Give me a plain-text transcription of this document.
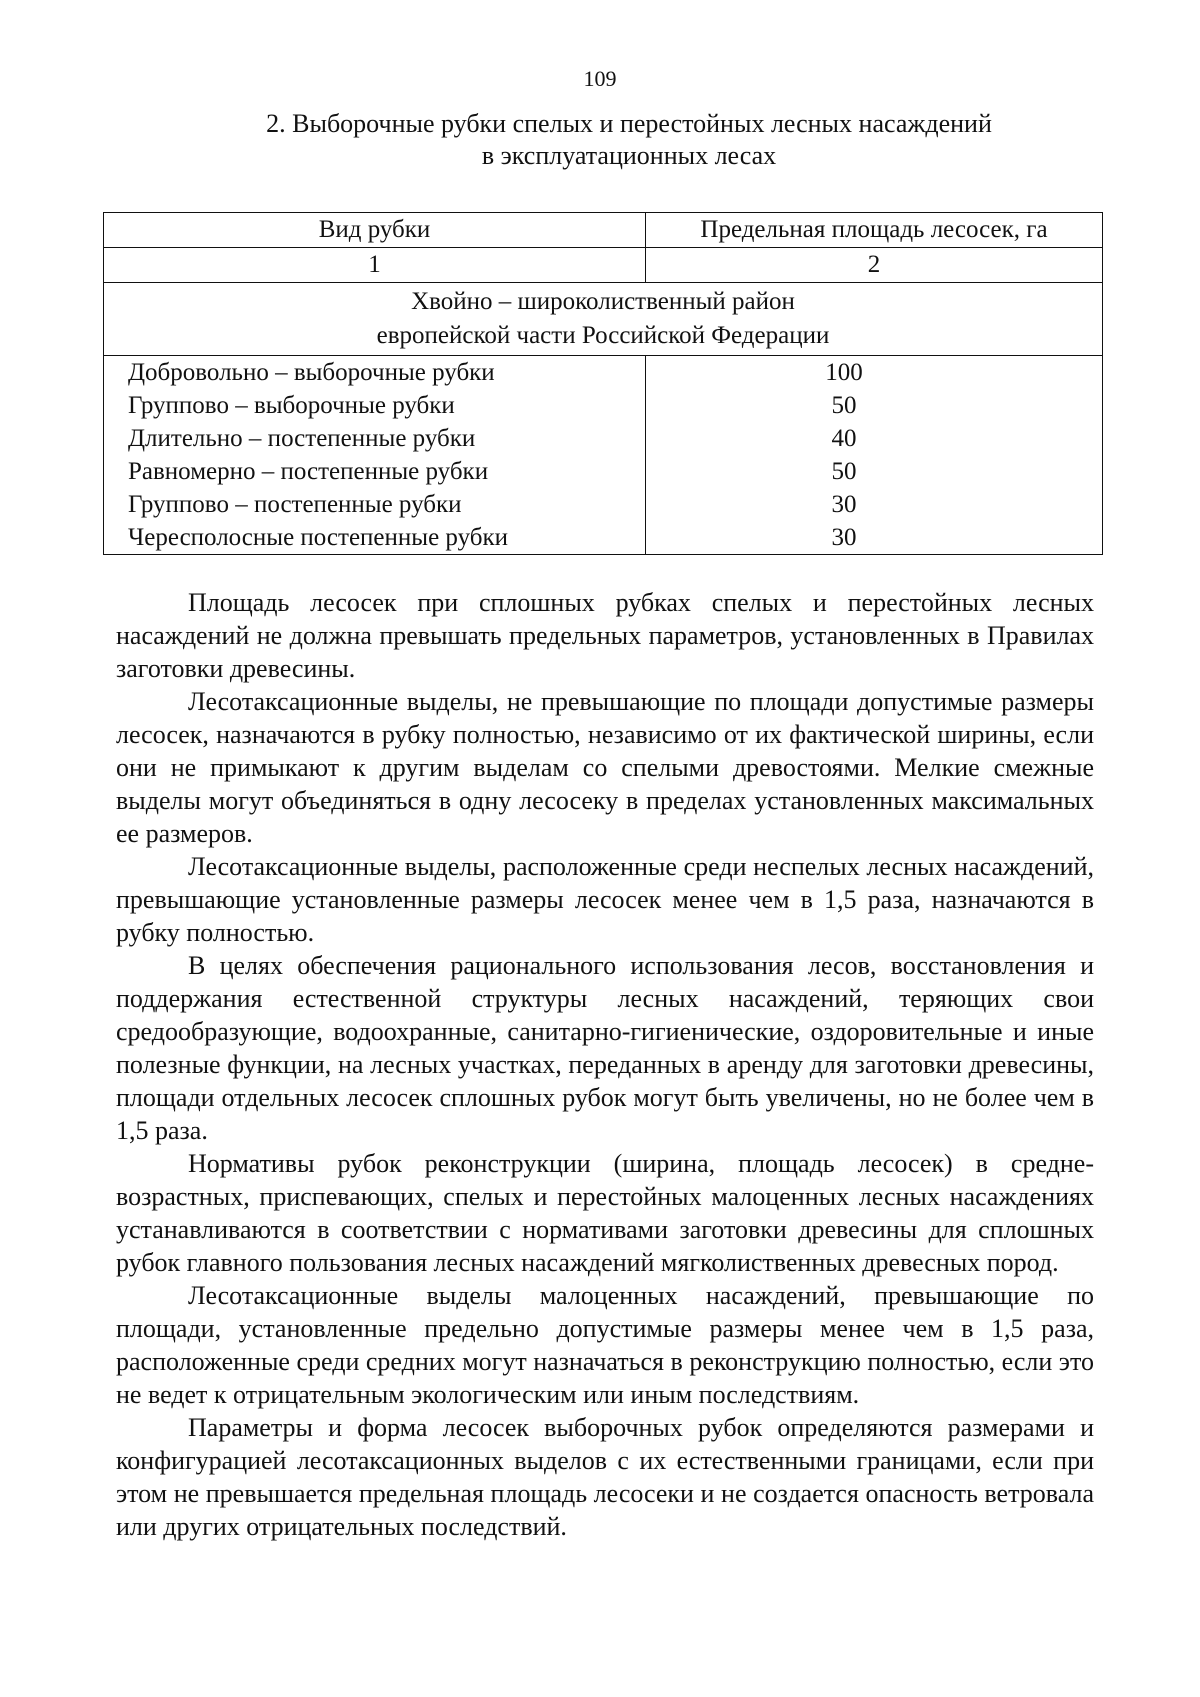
109
2. Выборочные рубки спелых и перестойных лесных насаждений
в эксплуатационных лесах
Вид рубки	Предельная площадь лесосек, га
1	2

Хвойно – широколиственный район
европейской части Российской Федерации	

Добровольно – выборочные рубки	100
Группово – выборочные рубки	50
Длительно – постепенные рубки	40
Равномерно – постепенные рубки	50
Группово – постепенные рубки	30
Чересполосные постепенные рубки	30

Площадь лесосек при сплошных рубках спелых и перестойных лесных насаждений не должна превышать предельных параметров, установленных в Правилах заготовки древесины.

Лесотаксационные выделы, не превышающие по площади допустимые размеры лесосек, назначаются в рубку полностью, независимо от их фактической ширины, если они не примыкают к другим выделам со спелыми древостоями. Мелкие смежные выделы могут объединяться в одну лесосеку в пределах установленных максимальных ее размеров.

Лесотаксационные выделы, расположенные среди неспелых лесных насаждений, превышающие установленные размеры лесосек менее чем в 1,5 раза, назначаются в рубку полностью.

В целях обеспечения рационального использования лесов, восстановления и поддержания естественной структуры лесных насаждений, теряющих свои средообразующие, водоохранные, санитарно-гигиенические, оздоровительные и иные полезные функции, на лесных участках, переданных в аренду для заготовки древесины, площади отдельных лесосек сплошных рубок могут быть увеличены, но не более чем в 1,5 раза.

Нормативы рубок реконструкции (ширина, площадь лесосек) в средне-возрастных, приспевающих, спелых и перестойных малоценных лесных насаждениях устанавливаются в соответствии с нормативами заготовки древесины для сплошных рубок главного пользования лесных насаждений мягколиственных древесных пород.

Лесотаксационные выделы малоценных насаждений, превышающие по площади, установленные предельно допустимые размеры менее чем в 1,5 раза, расположенные среди средних могут назначаться в реконструкцию полностью, если это не ведет к отрицательным экологическим или иным последствиям.

Параметры и форма лесосек выборочных рубок определяются размерами и конфигурацией лесотаксационных выделов с их естественными границами, если при этом не превышается предельная площадь лесосеки и не создается опасность ветровала или других отрицательных последствий.
